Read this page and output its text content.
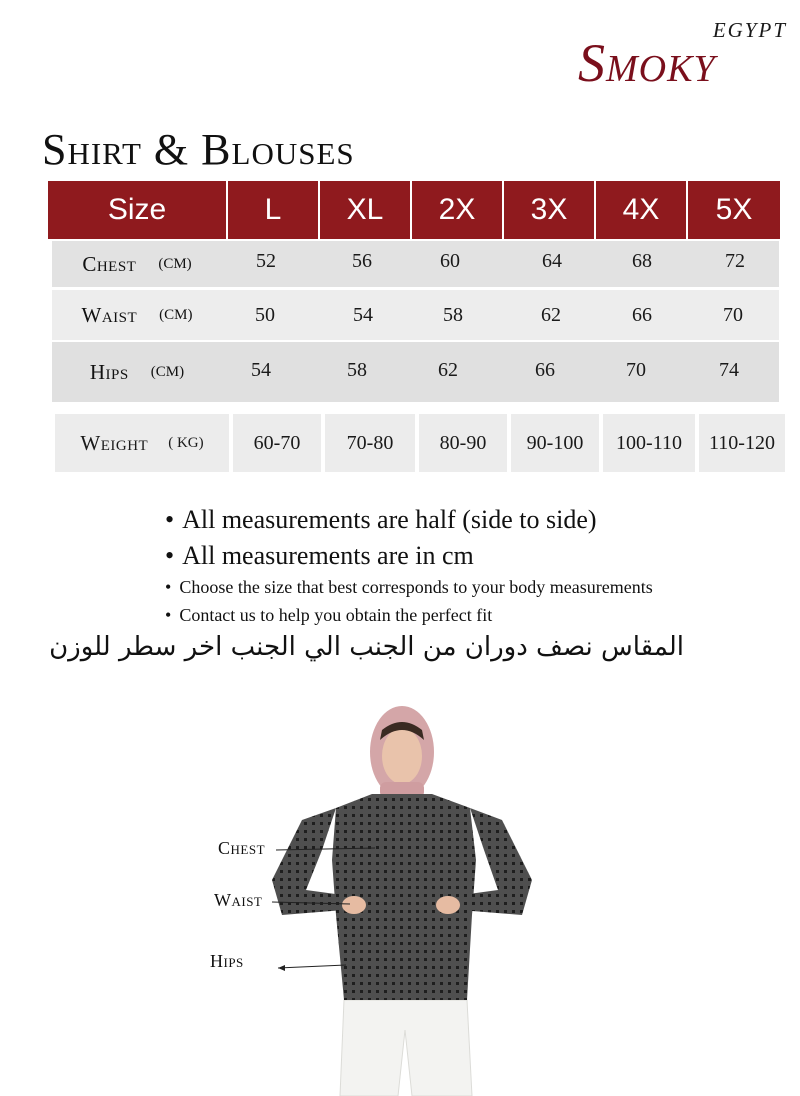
EGYPT
Smoky
Shirt & Blouses
Size	L	XL	2X	3X	4X	5X
Chest (CM)	52	56	60	64	68	72
Waist (CM)	50	54	58	62	66	70
Hips (CM)	54	58	62	66	70	74
Weight ( KG)	60-70	70-80	80-90	90-100	100-110	110-120
• All measurements are half (side to side)
• All measurements are in cm
• Choose the size that best corresponds to your body measurements
• Contact us to help you obtain the perfect fit
المقاس نصف دوران من الجنب الي الجنب اخر سطر للوزن
Chest
Waist
Hips
